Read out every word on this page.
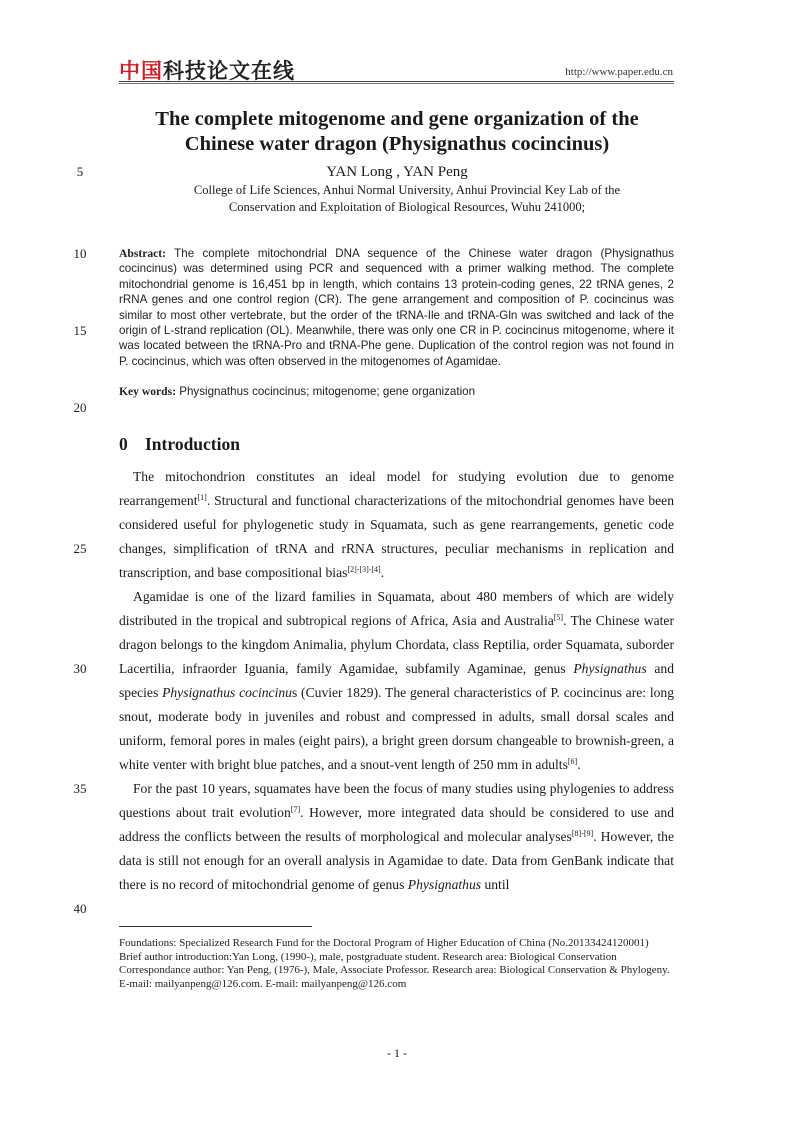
中国科技论文在线	http://www.paper.edu.cn
The complete mitogenome and gene organization of the
Chinese water dragon (Physignathus cocincinus)
YAN Long , YAN Peng
College of Life Sciences, Anhui Normal University, Anhui Provincial Key Lab of the
Conservation and Exploitation of Biological Resources, Wuhu 241000;
5
10
15
20
25
30
35
40
Abstract: The complete mitochondrial DNA sequence of the Chinese water dragon (Physignathus cocincinus) was determined using PCR and sequenced with a primer walking method. The complete mitochondrial genome is 16,451 bp in length, which contains 13 protein-coding genes, 22 tRNA genes, 2 rRNA genes and one control region (CR). The gene arrangement and composition of P. cocincinus was similar to most other vertebrate, but the order of the tRNA-Ile and tRNA-Gln was switched and lack of the origin of L-strand replication (OL). Meanwhile, there was only one CR in P. cocincinus mitogenome, where it was located between the tRNA-Pro and tRNA-Phe gene. Duplication of the control region was not found in P. cocincinus, which was often observed in the mitogenomes of Agamidae.
Key words: Physignathus cocincinus; mitogenome; gene organization
0 Introduction

The mitochondrion constitutes an ideal model for studying evolution due to genome rearrangement[1]. Structural and functional characterizations of the mitochondrial genomes have been considered useful for phylogenetic study in Squamata, such as gene rearrangements, genetic code changes, simplification of tRNA and rRNA structures, peculiar mechanisms in replication and transcription, and base compositional bias[2]-[3]-[4].

Agamidae is one of the lizard families in Squamata, about 480 members of which are widely distributed in the tropical and subtropical regions of Africa, Asia and Australia[5]. The Chinese water dragon belongs to the kingdom Animalia, phylum Chordata, class Reptilia, order Squamata, suborder Lacertilia, infraorder Iguania, family Agamidae, subfamily Agaminae, genus Physignathus and species Physignathus cocincinus (Cuvier 1829). The general characteristics of P. cocincinus are: long snout, moderate body in juveniles and robust and compressed in adults, small dorsal scales and uniform, femoral pores in males (eight pairs), a bright green dorsum changeable to brownish-green, a white venter with bright blue patches, and a snout-vent length of 250 mm in adults[6].

For the past 10 years, squamates have been the focus of many studies using phylogenies to address questions about trait evolution[7]. However, more integrated data should be considered to use and address the conflicts between the results of morphological and molecular analyses[8]-[9]. However, the data is still not enough for an overall analysis in Agamidae to date. Data from GenBank indicate that there is no record of mitochondrial genome of genus Physignathus until

Foundations: Specialized Research Fund for the Doctoral Program of Higher Education of China (No.20133424120001)
Brief author introduction:Yan Long, (1990-), male, postgraduate student. Research area: Biological Conservation
Correspondance author: Yan Peng, (1976-), Male, Associate Professor. Research area: Biological Conservation & Phylogeny. E-mail: mailyanpeng@126.com. E-mail: mailyanpeng@126.com
- 1 -
